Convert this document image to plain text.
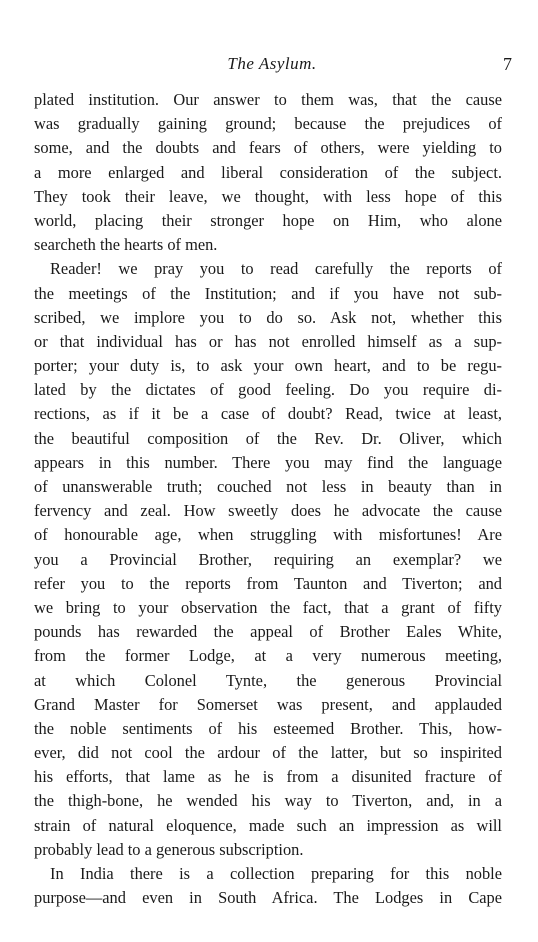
The Asylum.	7
plated institution. Our answer to them was, that the cause
was gradually gaining ground; because the prejudices of
some, and the doubts and fears of others, were yielding to
a more enlarged and liberal consideration of the subject.
They took their leave, we thought, with less hope of this
world, placing their stronger hope on Him, who alone
searcheth the hearts of men.
Reader! we pray you to read carefully the reports of
the meetings of the Institution; and if you have not sub-
scribed, we implore you to do so. Ask not, whether this
or that individual has or has not enrolled himself as a sup-
porter; your duty is, to ask your own heart, and to be regu-
lated by the dictates of good feeling. Do you require di-
rections, as if it be a case of doubt? Read, twice at least,
the beautiful composition of the Rev. Dr. Oliver, which
appears in this number. There you may find the language
of unanswerable truth; couched not less in beauty than in
fervency and zeal. How sweetly does he advocate the cause
of honourable age, when struggling with misfortunes! Are
you a Provincial Brother, requiring an exemplar? we
refer you to the reports from Taunton and Tiverton; and
we bring to your observation the fact, that a grant of fifty
pounds has rewarded the appeal of Brother Eales White,
from the former Lodge, at a very numerous meeting,
at which Colonel Tynte, the generous Provincial
Grand Master for Somerset was present, and applauded
the noble sentiments of his esteemed Brother. This, how-
ever, did not cool the ardour of the latter, but so inspirited
his efforts, that lame as he is from a disunited fracture of
the thigh-bone, he wended his way to Tiverton, and, in a
strain of natural eloquence, made such an impression as will
probably lead to a generous subscription.
In India there is a collection preparing for this noble
purpose—and even in South Africa. The Lodges in Cape
